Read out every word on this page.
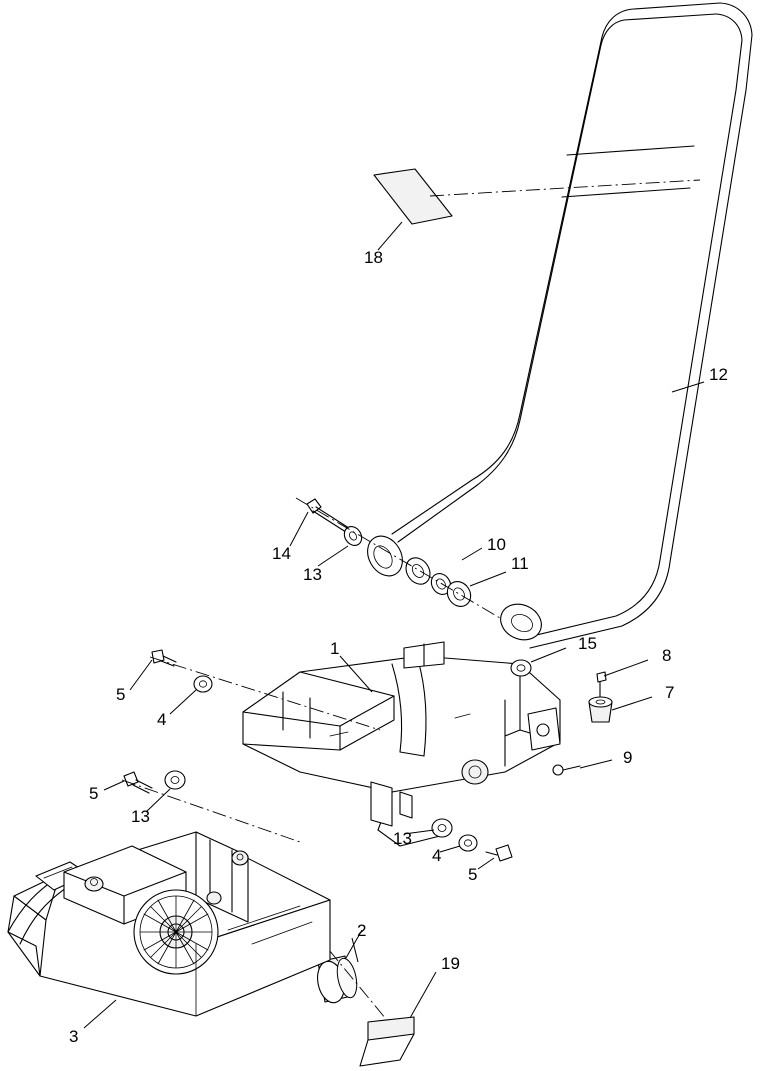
18
12
14
13
10
11
1	15
8
7
5
4
9
5
13
13
4
5
2
19
3
